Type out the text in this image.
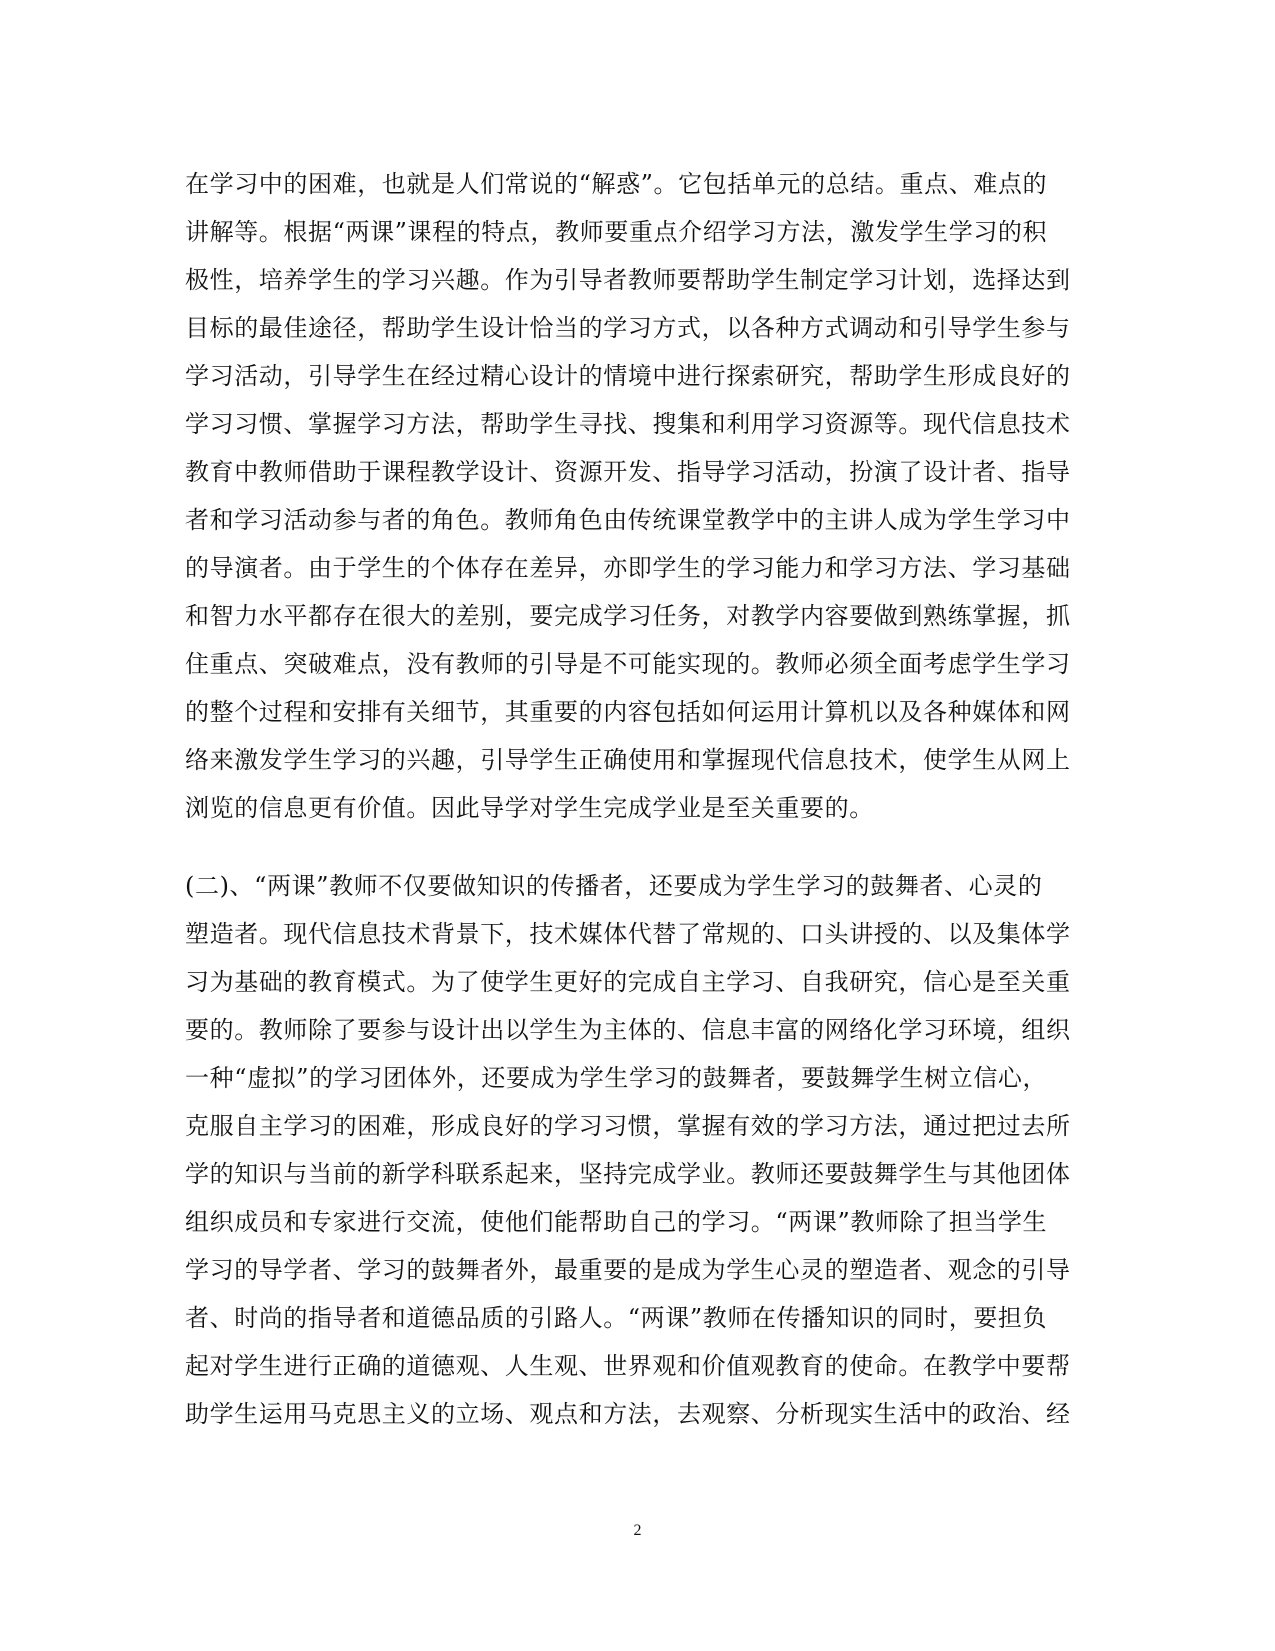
在学习中的困难，也就是人们常说的“解惑”。它包括单元的总结。重点、难点的
讲解等。根据“两课”课程的特点，教师要重点介绍学习方法，激发学生学习的积
极性，培养学生的学习兴趣。作为引导者教师要帮助学生制定学习计划，选择达到
目标的最佳途径，帮助学生设计恰当的学习方式，以各种方式调动和引导学生参与
学习活动，引导学生在经过精心设计的情境中进行探索研究，帮助学生形成良好的
学习习惯、掌握学习方法，帮助学生寻找、搜集和利用学习资源等。现代信息技术
教育中教师借助于课程教学设计、资源开发、指导学习活动，扮演了设计者、指导
者和学习活动参与者的角色。教师角色由传统课堂教学中的主讲人成为学生学习中
的导演者。由于学生的个体存在差异，亦即学生的学习能力和学习方法、学习基础
和智力水平都存在很大的差别，要完成学习任务，对教学内容要做到熟练掌握，抓
住重点、突破难点，没有教师的引导是不可能实现的。教师必须全面考虑学生学习
的整个过程和安排有关细节，其重要的内容包括如何运用计算机以及各种媒体和网
络来激发学生学习的兴趣，引导学生正确使用和掌握现代信息技术，使学生从网上
浏览的信息更有价值。因此导学对学生完成学业是至关重要的。
(二)、“两课”教师不仅要做知识的传播者，还要成为学生学习的鼓舞者、心灵的
塑造者。现代信息技术背景下，技术媒体代替了常规的、口头讲授的、以及集体学
习为基础的教育模式。为了使学生更好的完成自主学习、自我研究，信心是至关重
要的。教师除了要参与设计出以学生为主体的、信息丰富的网络化学习环境，组织
一种“虚拟”的学习团体外，还要成为学生学习的鼓舞者，要鼓舞学生树立信心，
克服自主学习的困难，形成良好的学习习惯，掌握有效的学习方法，通过把过去所
学的知识与当前的新学科联系起来，坚持完成学业。教师还要鼓舞学生与其他团体
组织成员和专家进行交流，使他们能帮助自己的学习。“两课”教师除了担当学生
学习的导学者、学习的鼓舞者外，最重要的是成为学生心灵的塑造者、观念的引导
者、时尚的指导者和道德品质的引路人。“两课”教师在传播知识的同时，要担负
起对学生进行正确的道德观、人生观、世界观和价值观教育的使命。在教学中要帮
助学生运用马克思主义的立场、观点和方法，去观察、分析现实生活中的政治、经
2
